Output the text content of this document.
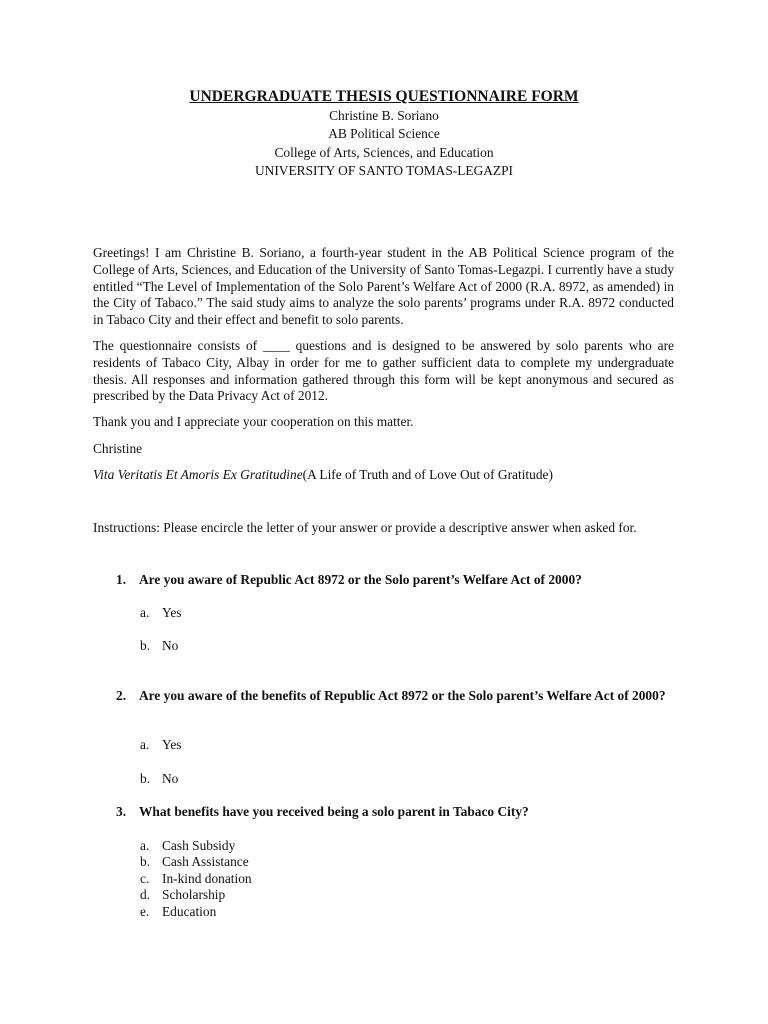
UNDERGRADUATE THESIS QUESTIONNAIRE FORM
Christine B. Soriano
AB Political Science
College of Arts, Sciences, and Education
UNIVERSITY OF SANTO TOMAS-LEGAZPI

Greetings! I am Christine B. Soriano, a fourth-year student in the AB Political Science program of the College of Arts, Sciences, and Education of the University of Santo Tomas-Legazpi. I currently have a study entitled “The Level of Implementation of the Solo Parent’s Welfare Act of 2000 (R.A. 8972, as amended) in the City of Tabaco.” The said study aims to analyze the solo parents’ programs under R.A. 8972 conducted in Tabaco City and their effect and benefit to solo parents.

The questionnaire consists of ____ questions and is designed to be answered by solo parents who are residents of Tabaco City, Albay in order for me to gather sufficient data to complete my undergraduate thesis. All responses and information gathered through this form will be kept anonymous and secured as prescribed by the Data Privacy Act of 2012.

Thank you and I appreciate your cooperation on this matter.

Christine

Vita Veritatis Et Amoris Ex Gratitudine(A Life of Truth and of Love Out of Gratitude)

Instructions: Please encircle the letter of your answer or provide a descriptive answer when asked for.

1. Are you aware of Republic Act 8972 or the Solo parent’s Welfare Act of 2000?
a. Yes
b. No
2. Are you aware of the benefits of Republic Act 8972 or the Solo parent’s Welfare Act of 2000?
a. Yes
b. No
3. What benefits have you received being a solo parent in Tabaco City?
a. Cash Subsidy
b. Cash Assistance
c. In-kind donation
d. Scholarship
e. Education
